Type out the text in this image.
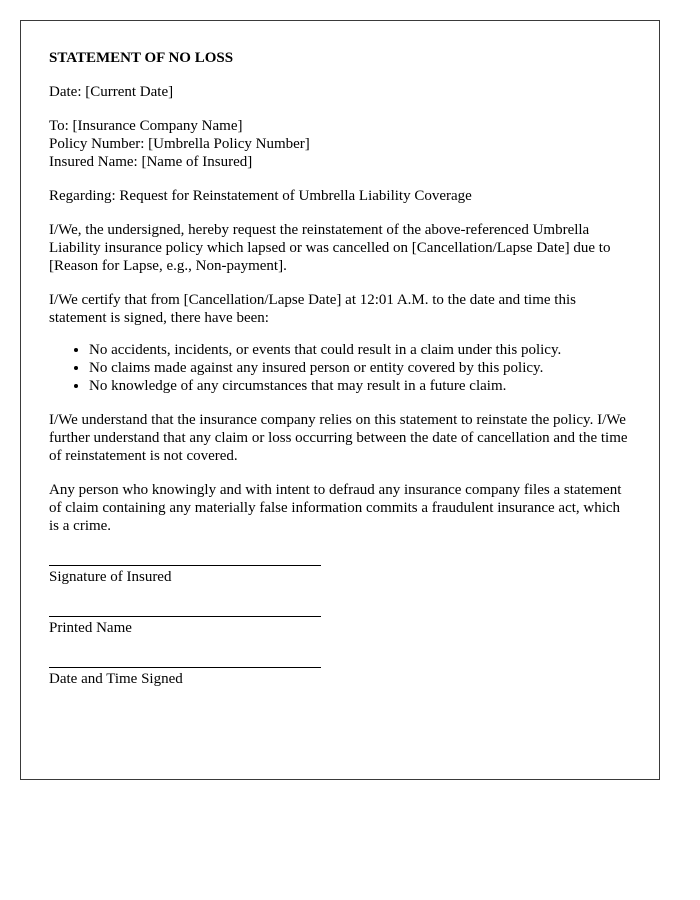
STATEMENT OF NO LOSS

Date: [Current Date]

To: [Insurance Company Name]

Policy Number: [Umbrella Policy Number]

Insured Name: [Name of Insured]

Regarding: Request for Reinstatement of Umbrella Liability Coverage

I/We, the undersigned, hereby request the reinstatement of the above-referenced Umbrella Liability insurance policy which lapsed or was cancelled on [Cancellation/Lapse Date] due to [Reason for Lapse, e.g., Non-payment].

I/We certify that from [Cancellation/Lapse Date] at 12:01 A.M. to the date and time this statement is signed, there have been:

• No accidents, incidents, or events that could result in a claim under this policy.
• No claims made against any insured person or entity covered by this policy.
• No knowledge of any circumstances that may result in a future claim.

I/We understand that the insurance company relies on this statement to reinstate the policy. I/We further understand that any claim or loss occurring between the date of cancellation and the time of reinstatement is not covered.

Any person who knowingly and with intent to defraud any insurance company files a statement of claim containing any materially false information commits a fraudulent insurance act, which is a crime.

Signature of Insured
Printed Name
Date and Time Signed
